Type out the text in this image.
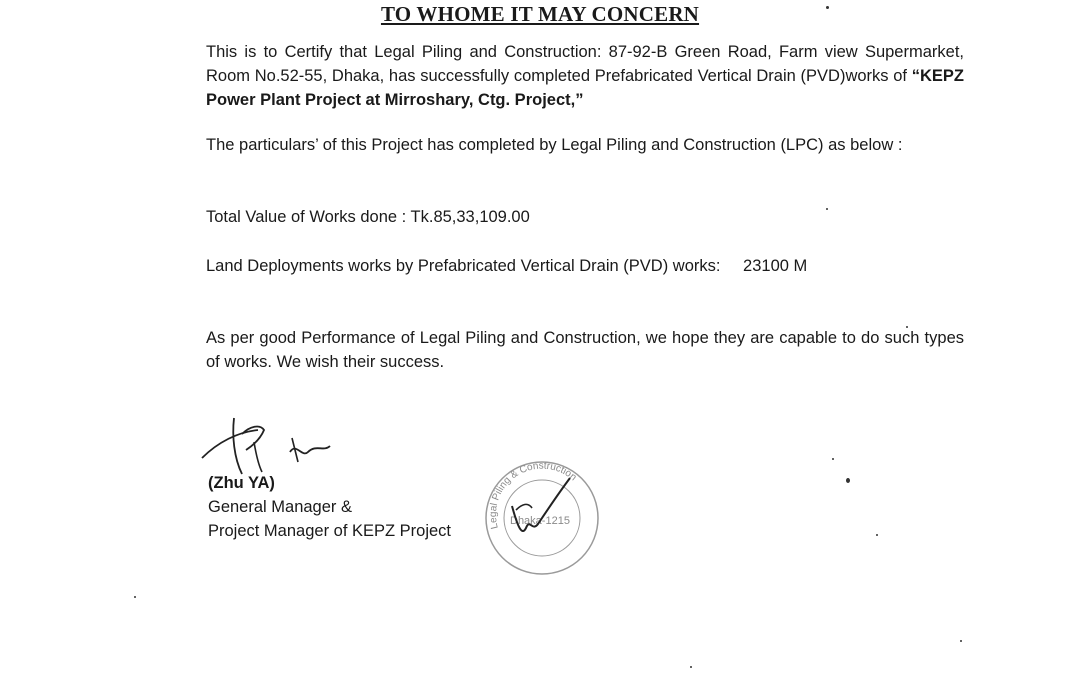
TO WHOME IT MAY CONCERN
This is to Certify that Legal Piling and Construction: 87-92-B Green Road, Farm view Supermarket, Room No.52-55, Dhaka, has successfully completed Prefabricated Vertical Drain (PVD)works of “KEPZ Power Plant Project at Mirroshary, Ctg. Project,”
The particulars’ of this Project has completed by Legal Piling and Construction (LPC) as below :
Total Value of Works done : Tk.85,33,109.00
Land Deployments works by Prefabricated Vertical Drain (PVD) works: 23100 M
As per good Performance of Legal Piling and Construction, we hope they are capable to do such types of works. We wish their success.
(Zhu YA)
General Manager &
Project Manager of KEPZ Project	Legal Piling & Construction
Dhaka-1215
